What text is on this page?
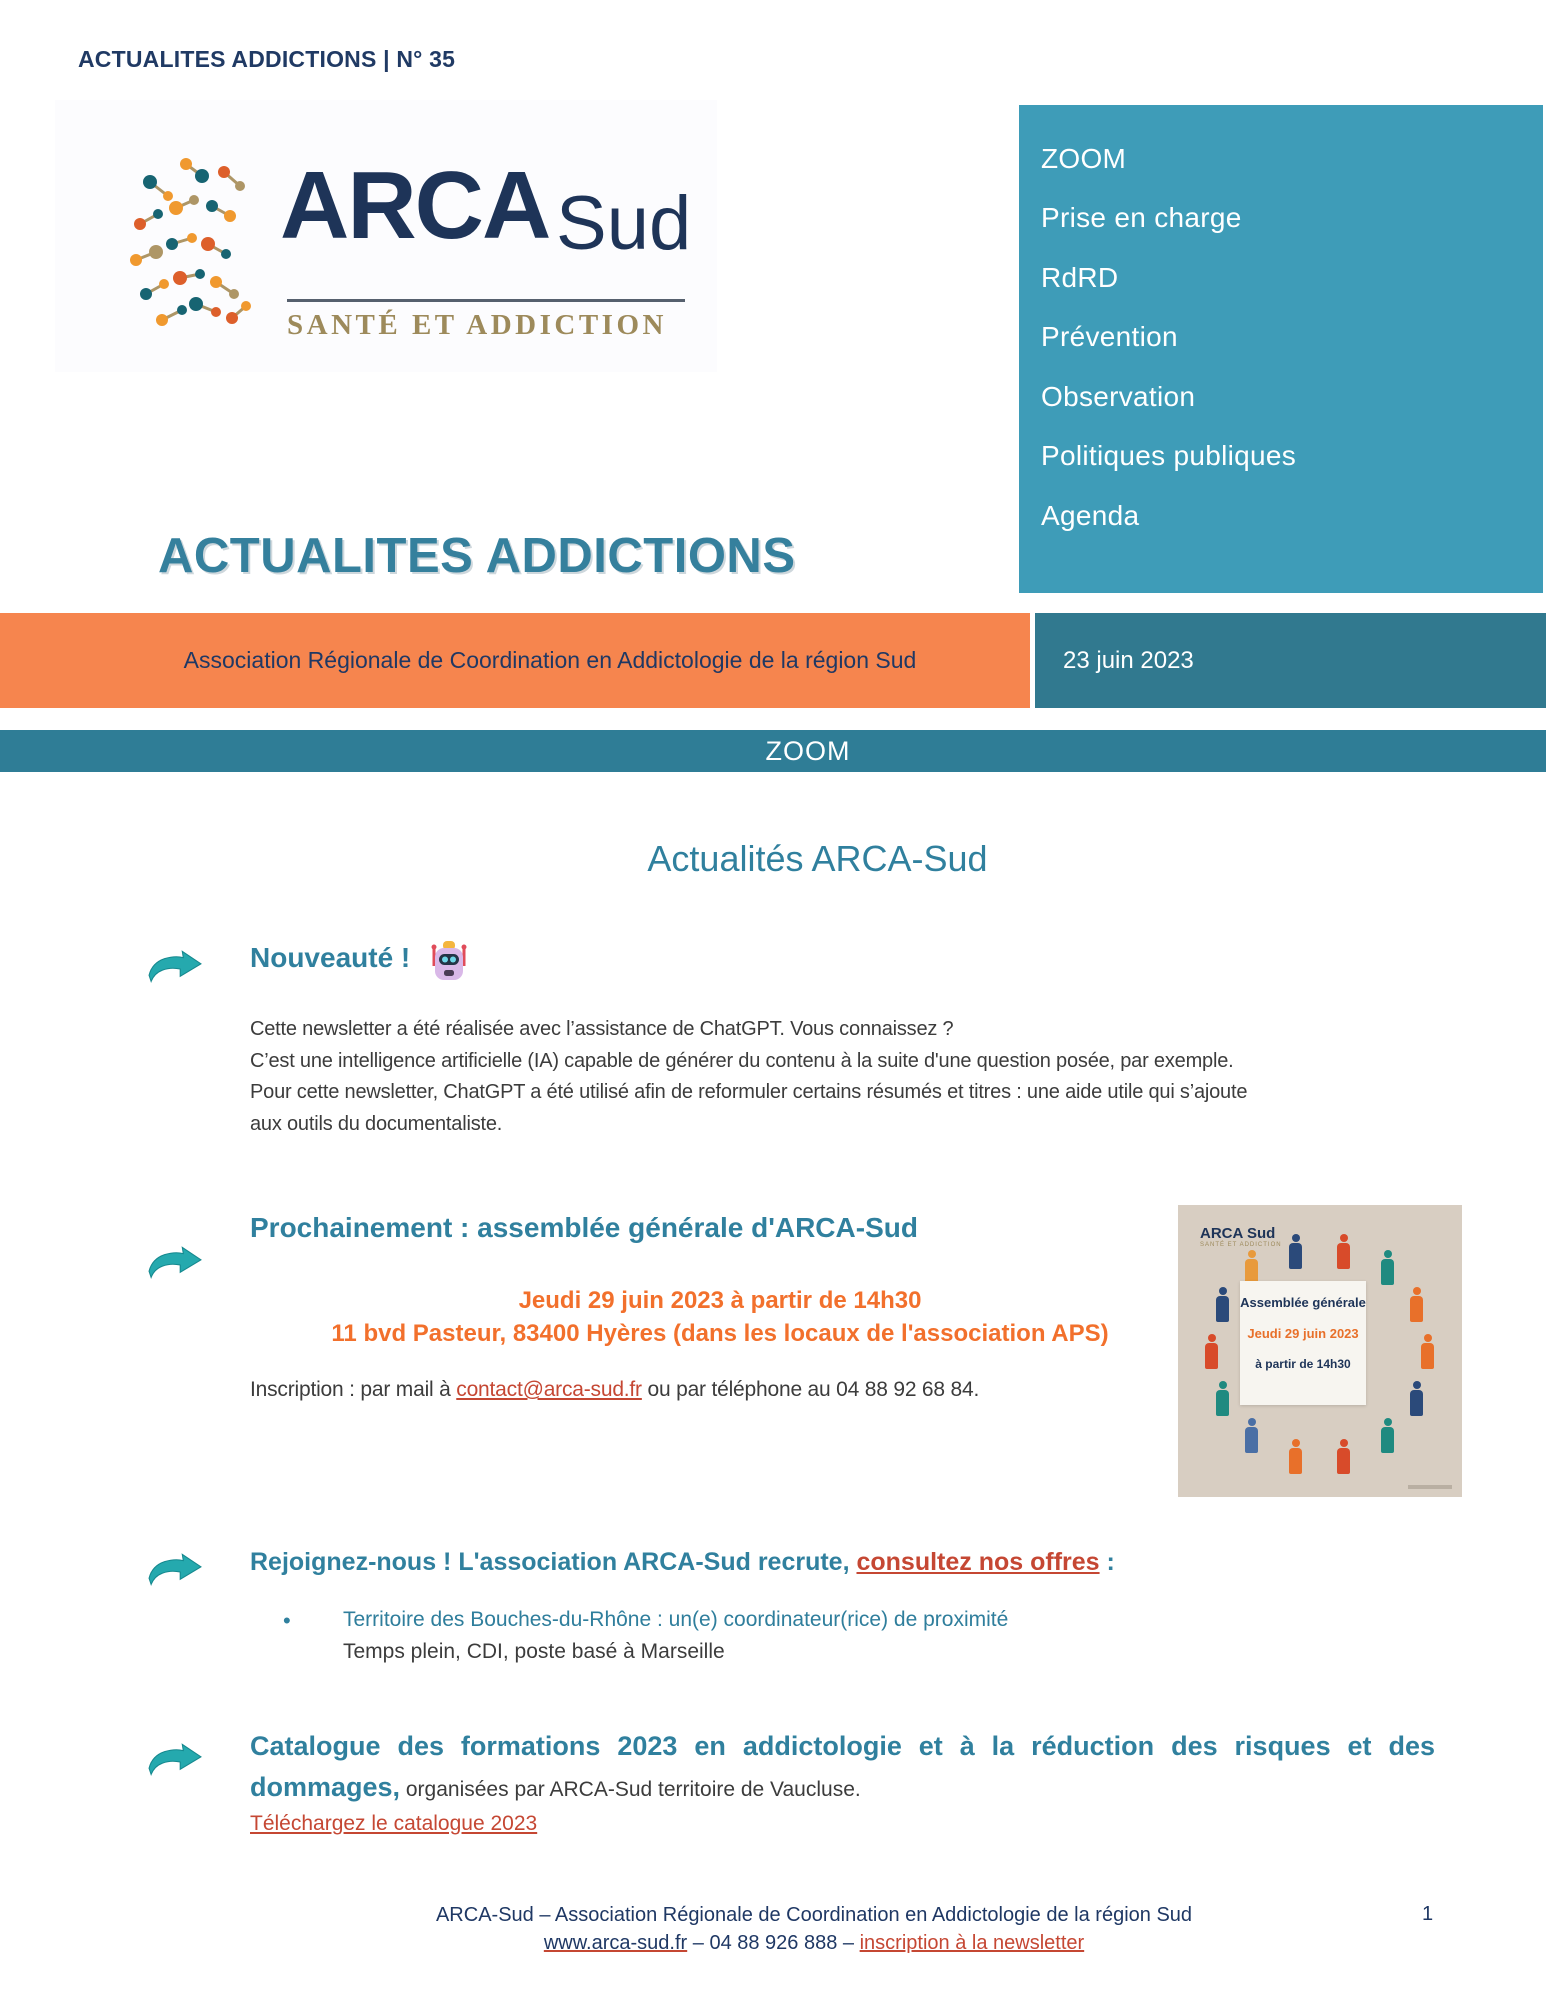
ACTUALITES ADDICTIONS | N° 35
ARCA Sud
SANTÉ ET ADDICTION
ZOOM
Prise en charge
RdRD
Prévention
Observation
Politiques publiques
Agenda
ACTUALITES ADDICTIONS
Association Régionale de Coordination en Addictologie de la région Sud	23 juin 2023
ZOOM
Actualités ARCA-Sud
Nouveauté !
Cette newsletter a été réalisée avec l’assistance de ChatGPT. Vous connaissez ?
C’est une intelligence artificielle (IA) capable de générer du contenu à la suite d'une question posée, par exemple.
Pour cette newsletter, ChatGPT a été utilisé afin de reformuler certains résumés et titres : une aide utile qui s’ajoute
aux outils du documentaliste.
Prochainement : assemblée générale d'ARCA-Sud
Jeudi 29 juin 2023 à partir de 14h30
11 bvd Pasteur, 83400 Hyères (dans les locaux de l'association APS)
Inscription : par mail à contact@arca-sud.fr ou par téléphone au 04 88 92 68 84.
ARCA Sud
SANTÉ ET ADDICTION
Assemblée générale
Jeudi 29 juin 2023
à partir de 14h30
Rejoignez-nous ! L'association ARCA-Sud recrute, consultez nos offres :
• Territoire des Bouches-du-Rhône : un(e) coordinateur(rice) de proximité
Temps plein, CDI, poste basé à Marseille
Catalogue des formations 2023 en addictologie et à la réduction des risques et des dommages, organisées par ARCA-Sud territoire de Vaucluse.
Téléchargez le catalogue 2023
ARCA-Sud – Association Régionale de Coordination en Addictologie de la région Sud
www.arca-sud.fr – 04 88 926 888 – inscription à la newsletter
1
